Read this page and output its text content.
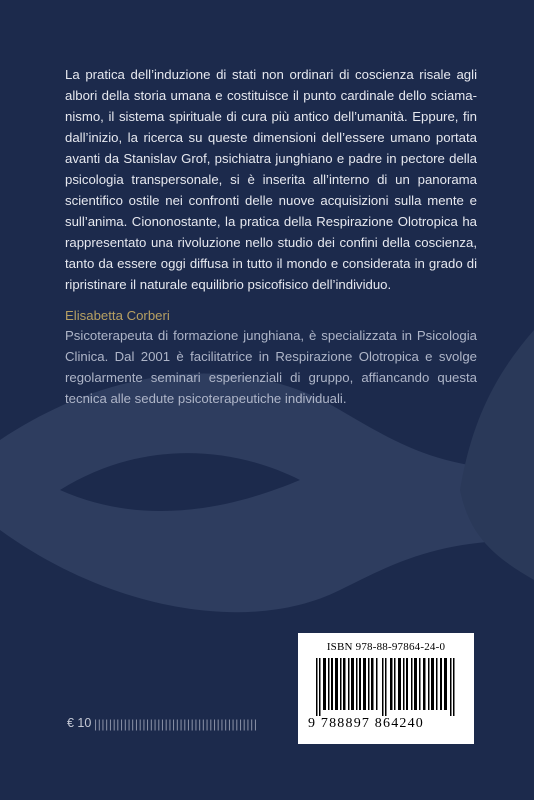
La pratica dell’induzione di stati non ordinari di coscienza risale agli albori della storia umana e costituisce il punto cardinale dello sciamanismo, il sistema spirituale di cura più antico dell’umanità. Eppure, fin dall’inizio, la ricerca su queste dimensioni dell’essere umano portata avanti da Stanislav Grof, psichiatra junghiano e padre in pectore della psicologia transpersonale, si è inserita all’interno di un panorama scientifico ostile nei confronti delle nuove acquisizioni sulla mente e sull’anima. Ciononostante, la pratica della Respirazione Olotropica ha rappresentato una rivoluzione nello studio dei confini della coscienza, tanto da essere oggi diffusa in tutto il mondo e considerata in grado di ripristinare il naturale equilibrio psicofisico dell’individuo.
Elisabetta Corberi
Psicoterapeuta di formazione junghiana, è specializzata in Psicologia Clinica. Dal 2001 è facilitatrice in Respirazione Olotropica e svolge regolarmente seminari esperienziali di gruppo, affiancando questa tecnica alle sedute psicoterapeutiche individuali.
ISBN 978-88-97864-24-0
9 788897 864240
€ 10 ||||||||||||||||||||||||||||||||||||||||||||
